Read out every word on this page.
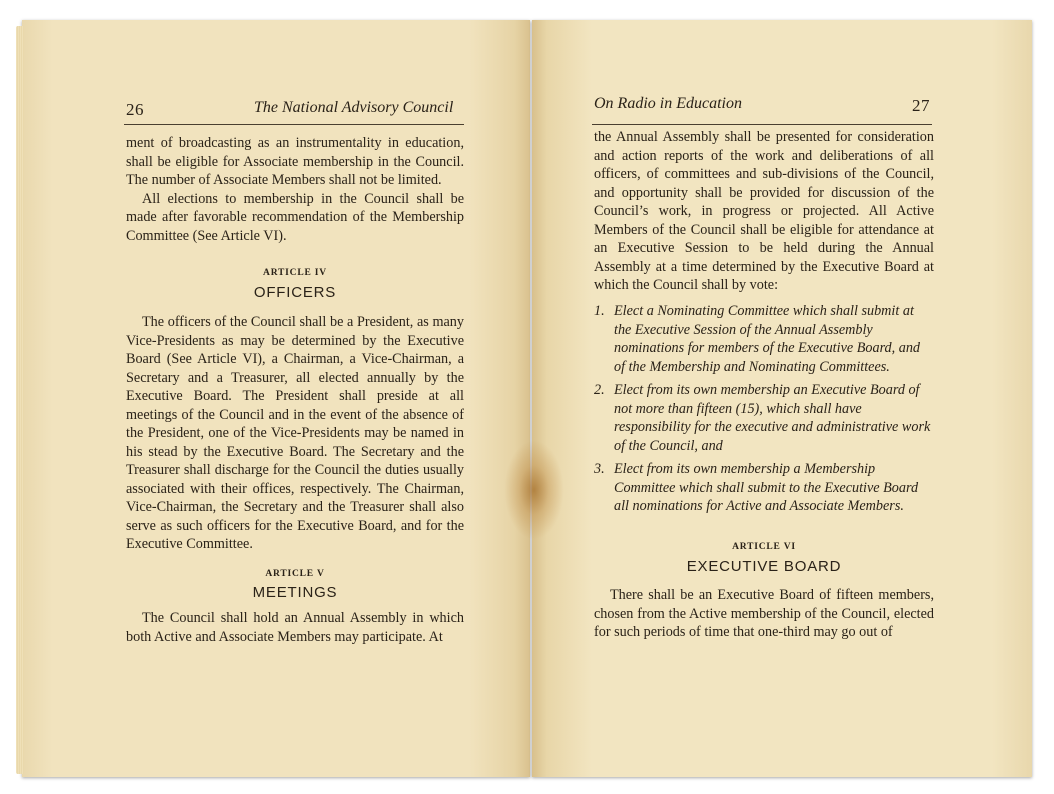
26	The National Advisory Council

ment of broadcasting as an instrumentality in education, shall be eligible for Associate membership in the Council. The number of Associate Members shall not be limited.

All elections to membership in the Council shall be made after favorable recommendation of the Membership Committee (See Article VI).

ARTICLE IV

OFFICERS

The officers of the Council shall be a President, as many Vice-Presidents as may be determined by the Executive Board (See Article VI), a Chairman, a Vice-Chairman, a Secretary and a Treasurer, all elected annually by the Executive Board. The President shall preside at all meetings of the Council and in the event of the absence of the President, one of the Vice-Presidents may be named in his stead by the Executive Board. The Secretary and the Treasurer shall discharge for the Council the duties usually associated with their offices, respectively. The Chairman, Vice-Chairman, the Secretary and the Treasurer shall also serve as such officers for the Executive Board, and for the Executive Committee.

ARTICLE V

MEETINGS

The Council shall hold an Annual Assembly in which both Active and Associate Members may participate. At

On Radio in Education	27

the Annual Assembly shall be presented for consideration and action reports of the work and deliberations of all officers, of committees and sub-divisions of the Council, and opportunity shall be provided for discussion of the Council’s work, in progress or projected. All Active Members of the Council shall be eligible for attendance at an Executive Session to be held during the Annual Assembly at a time determined by the Executive Board at which the Council shall by vote:

1. Elect a Nominating Committee which shall submit at the Executive Session of the Annual Assembly nominations for members of the Executive Board, and of the Membership and Nominating Committees.
2. Elect from its own membership an Executive Board of not more than fifteen (15), which shall have responsibility for the executive and administrative work of the Council, and
3. Elect from its own membership a Membership Committee which shall submit to the Executive Board all nominations for Active and Associate Members.

ARTICLE VI

EXECUTIVE BOARD

There shall be an Executive Board of fifteen members, chosen from the Active membership of the Council, elected for such periods of time that one-third may go out of
